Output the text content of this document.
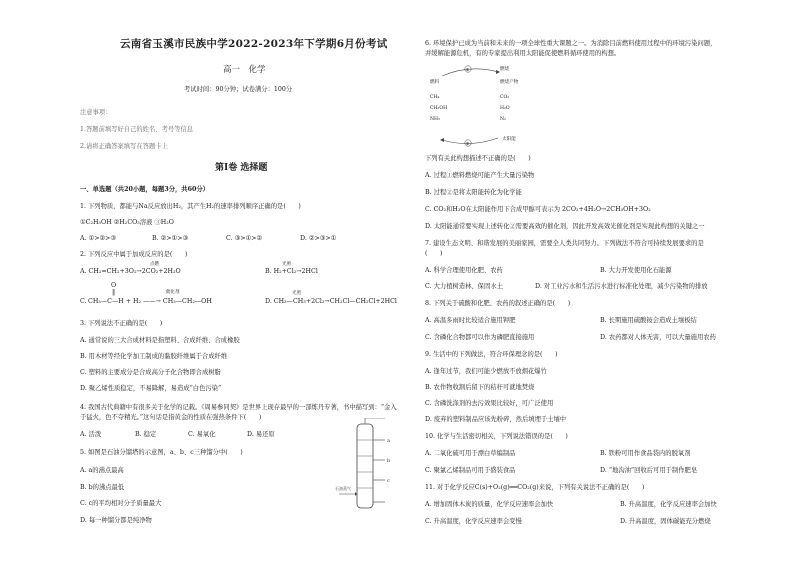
云南省玉溪市民族中学2022-2023年下学期6月份考试
高一　化学
考试时间：90分钟；试卷满分：100分
注意事项：
1.答题前填写好自己的姓名、考号等信息
2.请将正确答案填写在答题卡上
第Ⅰ卷 选择题
一、单选题（共20小题，每题3分，共60分）
1. 下列物质，都能与Na反应放出H₂，其产生H₂的速率排列顺序正确的是(　　)
①C₂H₅OH ②H₂CO₃溶液 ③H₂O
A. ①>②>③	B. ②>①>③	C. ③>①>②	D. ②>③>①
2. 下列反应中属于加成反应的是(　　)
点燃
A. CH₂=CH₂+3O₂→2CO₂+2H₂O
光照
B. H₂+Cl₂→2HCl
O
‖
C.
催化剂
CH₃—C—H + H₂ ——→ CH₃—CH₂—OH
光照
D. CH₃—CH₃+2Cl₂→CH₂Cl—CH₂Cl+2HCl
3. 下列说法不正确的是(　　)
A. 通常说的三大合成材料是指塑料、合成纤维、合成橡胶
B. 用木材等经化学加工制成的黏胶纤维属于合成纤维
C. 塑料的主要成分是合成高分子化合物即合成树脂
D. 聚乙烯性质稳定，不易降解，易造成“白色污染”
4. 我国古代典籍中有很多关于化学的记载。《周易参同契》是世界上现存最早的一部炼丹专著，书中描写到：“金入
于猛火，色不夺精光。”这句话是指黄金的性质在强热条件下(　　)
A. 活泼	B. 稳定	C. 易氧化	D. 易还原
5. 如图是石油分馏塔的示意图，a、b、c三种馏分中(　　)
A. a的沸点最高
B. b的沸点最低
C. c的平均相对分子质量最大
D. 每一种馏分都是纯净物
石油蒸气
a
b
c
6. 环境保护已成为当前和未来的一项全球性重大课题之一。为消除目前燃料使用过程中的环境污染问题，
并缓解能源危机，有的专家提出利用太阳能促使燃料循环使用的构想。
①
②
燃料
CH₄
CH₃OH
NH₃
燃烧
燃烧产物
CO₂
H₂O
N₂
太阳能
下列有关此构想描述不正确的是(　　)
A. 过程①燃料燃烧可能产生大量污染物
B. 过程②是将太阳能转化为化学能
C. CO₂和H₂O在太阳能作用下合成甲醇可表示为 2CO₂+4H₂O→2CH₃OH+3O₂
D. 太阳能通常要实现上述转化②需要高效的催化剂，因此开发高效光催化剂是实现此构想的关键之一
7. 建设生态文明、和谐发展的美丽家园，需要全人类共同努力。下列做法不符合可持续发展要求的是
(　　)
A. 科学合理使用化肥、农药	B. 大力开发使用化石能源
C. 大力植树造林、保固水土	D. 对工业污水和生活污水进行标准化处理，减少污染物的排放
8. 下列关于硫酸和化肥、农药的叙述正确的是(　　)
A. 高温多雨时比较适合施用钾肥	B. 长期施用硫酸铵会造成土壤板结
C. 含磷化合物都可以作为磷肥直接施用	D. 农药都对人体无害，可以大量施用农药
9. 生活中的下列做法，符合环保理念的是(　　)
A. 逢年过节，我们可能少燃放不放烟花爆竹
B. 农作物收割后留下的秸秆可就地焚烧
C. 含磷洗涤剂的去污效果比较好，可广泛使用
D. 废弃的塑料制品应该先粉碎，然后填埋于土壤中
10. 化学与生活密切相关，下列说法错误的是(　　)
A. 二氧化硫可用于漂白草编制品	B. 铁粉可用作食品袋内的脱氧剂
C. 聚氯乙烯制品可用于盛装食品	D. “地沟油”回收后可用于制作肥皂
11. 对于化学反应C(s)+O₂(g)══CO₂(g)来说，下列有关说法不正确的是(　　)
A. 增加固体木炭的质量，化学反应速率会加快	B. 升高温度，化学反应速率会加快
C. 升高温度，化学反应速率会变慢	D. 升高温度，固体碳能充分燃烧
